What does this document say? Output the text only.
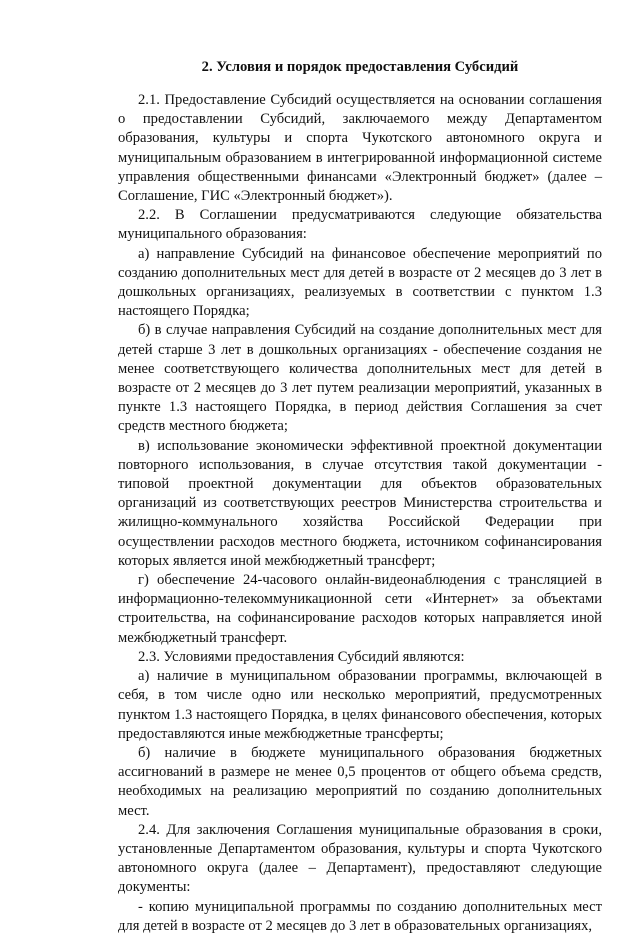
2. Условия и порядок предоставления Субсидий

2.1. Предоставление Субсидий осуществляется на основании соглашения о предоставлении Субсидий, заключаемого между Департаментом образования, культуры и спорта Чукотского автономного округа и муниципальным образованием в интегрированной информационной системе управления общественными финансами «Электронный бюджет» (далее – Соглашение, ГИС «Электронный бюджет»).

2.2. В Соглашении предусматриваются следующие обязательства муниципального образования:

а) направление Субсидий на финансовое обеспечение мероприятий по созданию дополнительных мест для детей в возрасте от 2 месяцев до 3 лет в дошкольных организациях, реализуемых в соответствии с пунктом 1.3 настоящего Порядка;

б) в случае направления Субсидий на создание дополнительных мест для детей старше 3 лет в дошкольных организациях - обеспечение создания не менее соответствующего количества дополнительных мест для детей в возрасте от 2 месяцев до 3 лет путем реализации мероприятий, указанных в пункте 1.3 настоящего Порядка, в период действия Соглашения за счет средств местного бюджета;

в) использование экономически эффективной проектной документации повторного использования, в случае отсутствия такой документации - типовой проектной документации для объектов образовательных организаций из соответствующих реестров Министерства строительства и жилищно-коммунального хозяйства Российской Федерации при осуществлении расходов местного бюджета, источником софинансирования которых является иной межбюджетный трансферт;

г) обеспечение 24-часового онлайн-видеонаблюдения с трансляцией в информационно-телекоммуникационной сети «Интернет» за объектами строительства, на софинансирование расходов которых направляется иной межбюджетный трансферт.

2.3. Условиями предоставления Субсидий являются:

а) наличие в муниципальном образовании программы, включающей в себя, в том числе одно или несколько мероприятий, предусмотренных пунктом 1.3 настоящего Порядка, в целях финансового обеспечения, которых предоставляются иные межбюджетные трансферты;

б) наличие в бюджете муниципального образования бюджетных ассигнований в размере не менее 0,5 процентов от общего объема средств, необходимых на реализацию мероприятий по созданию дополнительных мест.

2.4. Для заключения Соглашения муниципальные образования в сроки, установленные Департаментом образования, культуры и спорта Чукотского автономного округа (далее – Департамент), предоставляют следующие документы:

- копию муниципальной программы по созданию дополнительных мест для детей в возрасте от 2 месяцев до 3 лет в образовательных организациях,
